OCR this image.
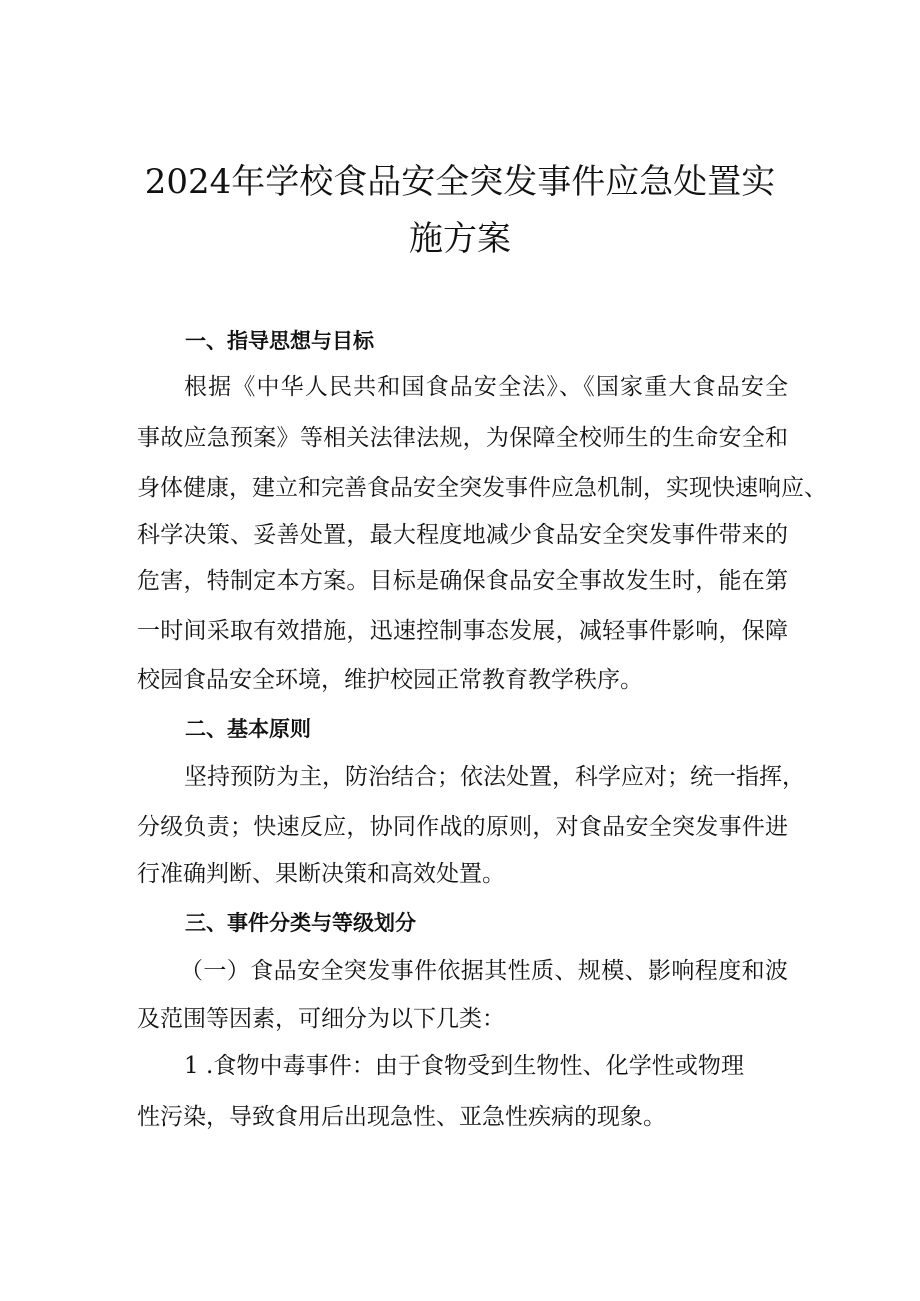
2024年学校食品安全突发事件应急处置实
施方案
一、指导思想与目标
根据《中华人民共和国食品安全法》、《国家重大食品安全
事故应急预案》等相关法律法规，为保障全校师生的生命安全和
身体健康，建立和完善食品安全突发事件应急机制，实现快速响应、
科学决策、妥善处置，最大程度地减少食品安全突发事件带来的
危害，特制定本方案。目标是确保食品安全事故发生时，能在第
一时间采取有效措施，迅速控制事态发展，减轻事件影响，保障
校园食品安全环境，维护校园正常教育教学秩序。
二、基本原则
坚持预防为主，防治结合；依法处置，科学应对；统一指挥，
分级负责；快速反应，协同作战的原则，对食品安全突发事件进
行准确判断、果断决策和高效处置。
三、事件分类与等级划分
（一）食品安全突发事件依据其性质、规模、影响程度和波
及范围等因素，可细分为以下几类：
1 .食物中毒事件：由于食物受到生物性、化学性或物理
性污染，导致食用后出现急性、亚急性疾病的现象。
